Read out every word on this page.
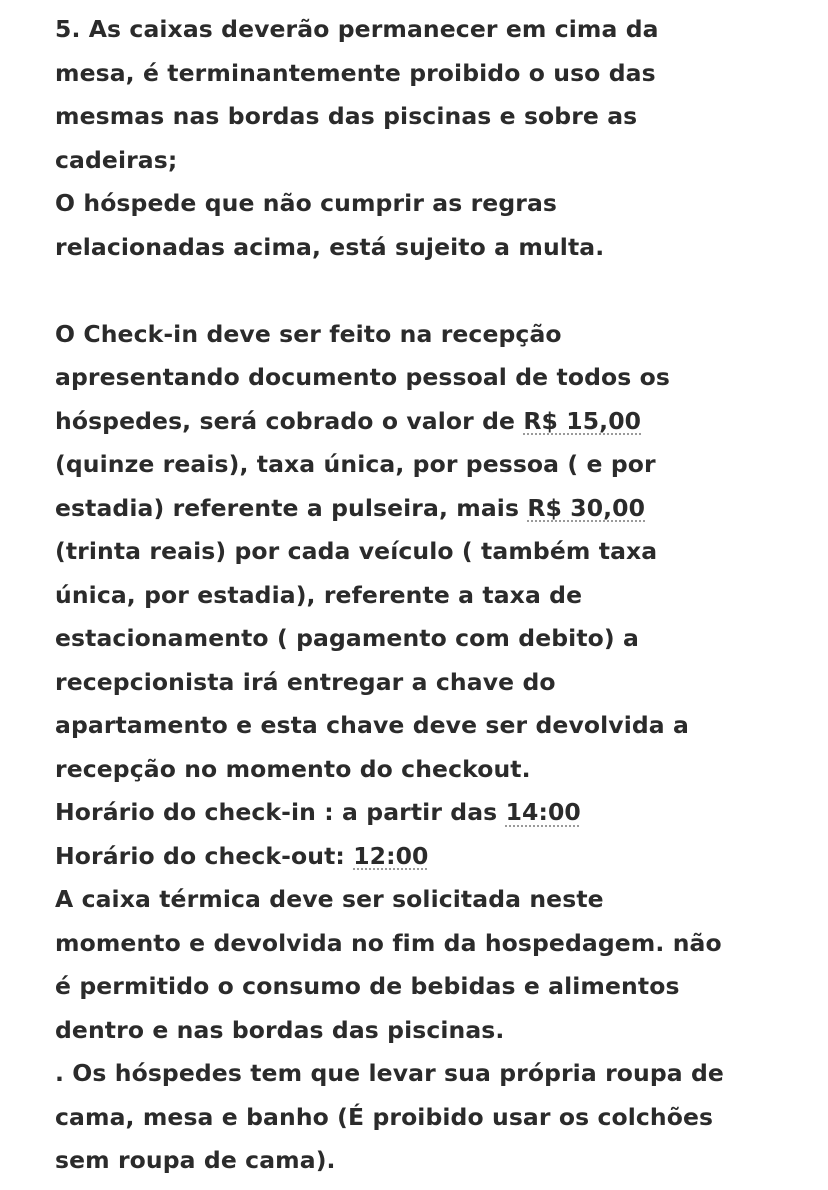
5. As caixas deverão permanecer em cima da
mesa, é terminantemente proibido o uso das
mesmas nas bordas das piscinas e sobre as
cadeiras;
O hóspede que não cumprir as regras
relacionadas acima, está sujeito a multa.
O Check-in deve ser feito na recepção
apresentando documento pessoal de todos os
hóspedes, será cobrado o valor de R$ 15,00
(quinze reais), taxa única, por pessoa ( e por
estadia) referente a pulseira, mais R$ 30,00
(trinta reais) por cada veículo ( também taxa
única, por estadia), referente a taxa de
estacionamento ( pagamento com debito) a
recepcionista irá entregar a chave do
apartamento e esta chave deve ser devolvida a
recepção no momento do checkout.
Horário do check-in : a partir das 14:00
Horário do check-out: 12:00
A caixa térmica deve ser solicitada neste
momento e devolvida no fim da hospedagem. não
é permitido o consumo de bebidas e alimentos
dentro e nas bordas das piscinas.
. Os hóspedes tem que levar sua própria roupa de
cama, mesa e banho (É proibido usar os colchões
sem roupa de cama).
